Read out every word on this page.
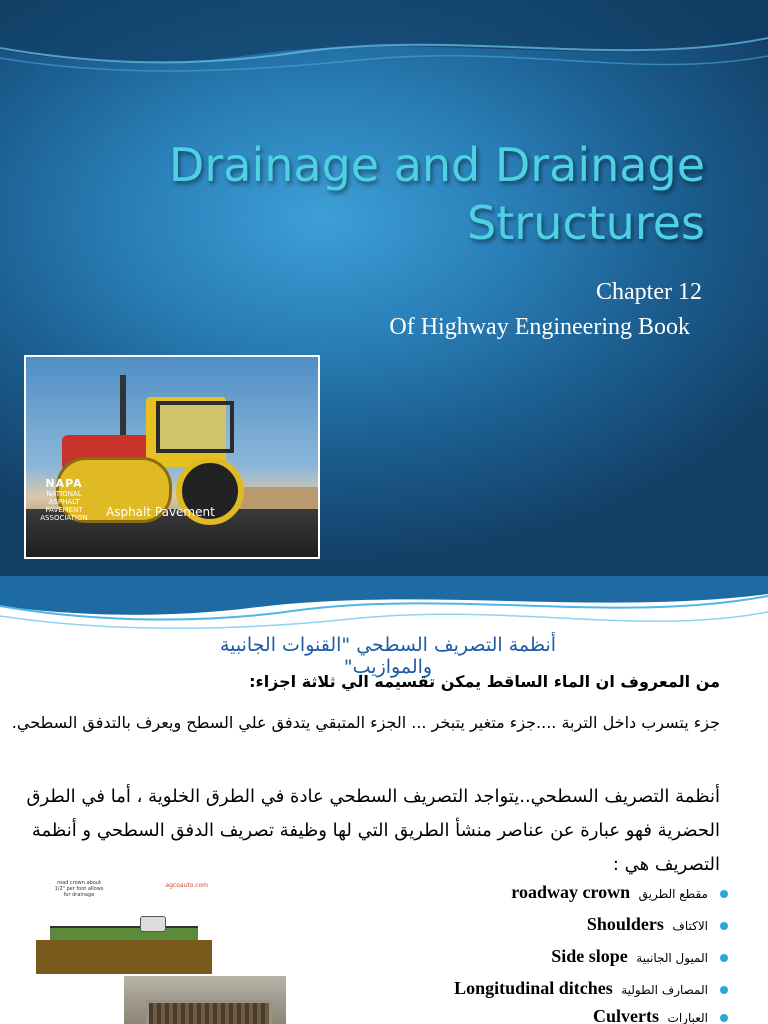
Drainage and Drainage
Structures
Chapter 12
Of Highway Engineering Book
NAPA
NATIONAL ASPHALT PAVEMENT ASSOCIATION	Asphalt Pavement
أنظمة التصريف السطحي "القنوات الجانبية والموازيب"
من المعروف ان الماء الساقط يمكن تقسيمه الي ثلاثة اجزاء:
جزء يتسرب داخل التربة ....جزء متغير يتبخر ... الجزء المتبقي يتدفق علي السطح ويعرف بالتدفق السطحي.
أنظمة التصريف السطحي..يتواجد التصريف السطحي عادة في الطرق الخلوية ، أما في الطرق الحضرية فهو عبارة عن عناصر منشأ الطريق التي لها وظيفة تصريف الدفق السطحي و أنظمة التصريف هي :
مقطع الطريق roadway crown
الاكتاف Shoulders
الميول الجانبية Side slope
المصارف الطولية Longitudinal ditches
العبارات Culverts
road crown about 1/2" per foot allows for drainage
agcoauto.com
